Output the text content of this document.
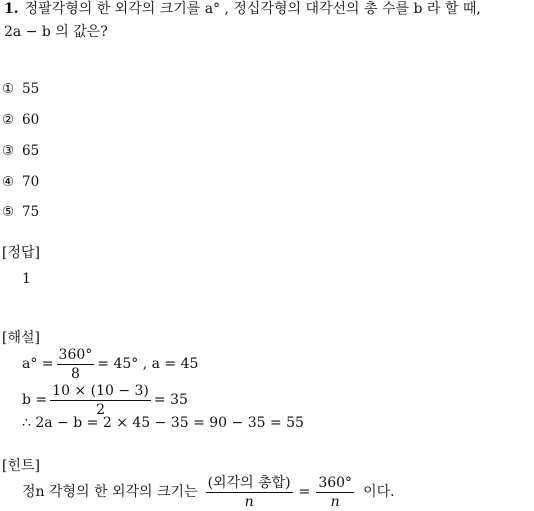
1. 정팔각형의 한 외각의 크기를 a° , 정십각형의 대각선의 총 수를 b 라 할 때,
2a − b 의 값은?
① 55
② 60
③ 65
④ 70
⑤ 75
[정답]
1
[해설]
$a^\circ = \frac{360^\circ}{8} = 45^\circ$ , a = 45
$b = \frac{10 \times (10 - 3)}{2} = 35$
∴ 2a − b = 2 × 45 − 35 = 90 − 35 = 55
[힌트]
정n 각형의 한 외각의 크기는 $\frac{\text{(외각의 총합)}}{n} = \frac{360^\circ}{n}$ 이다.
